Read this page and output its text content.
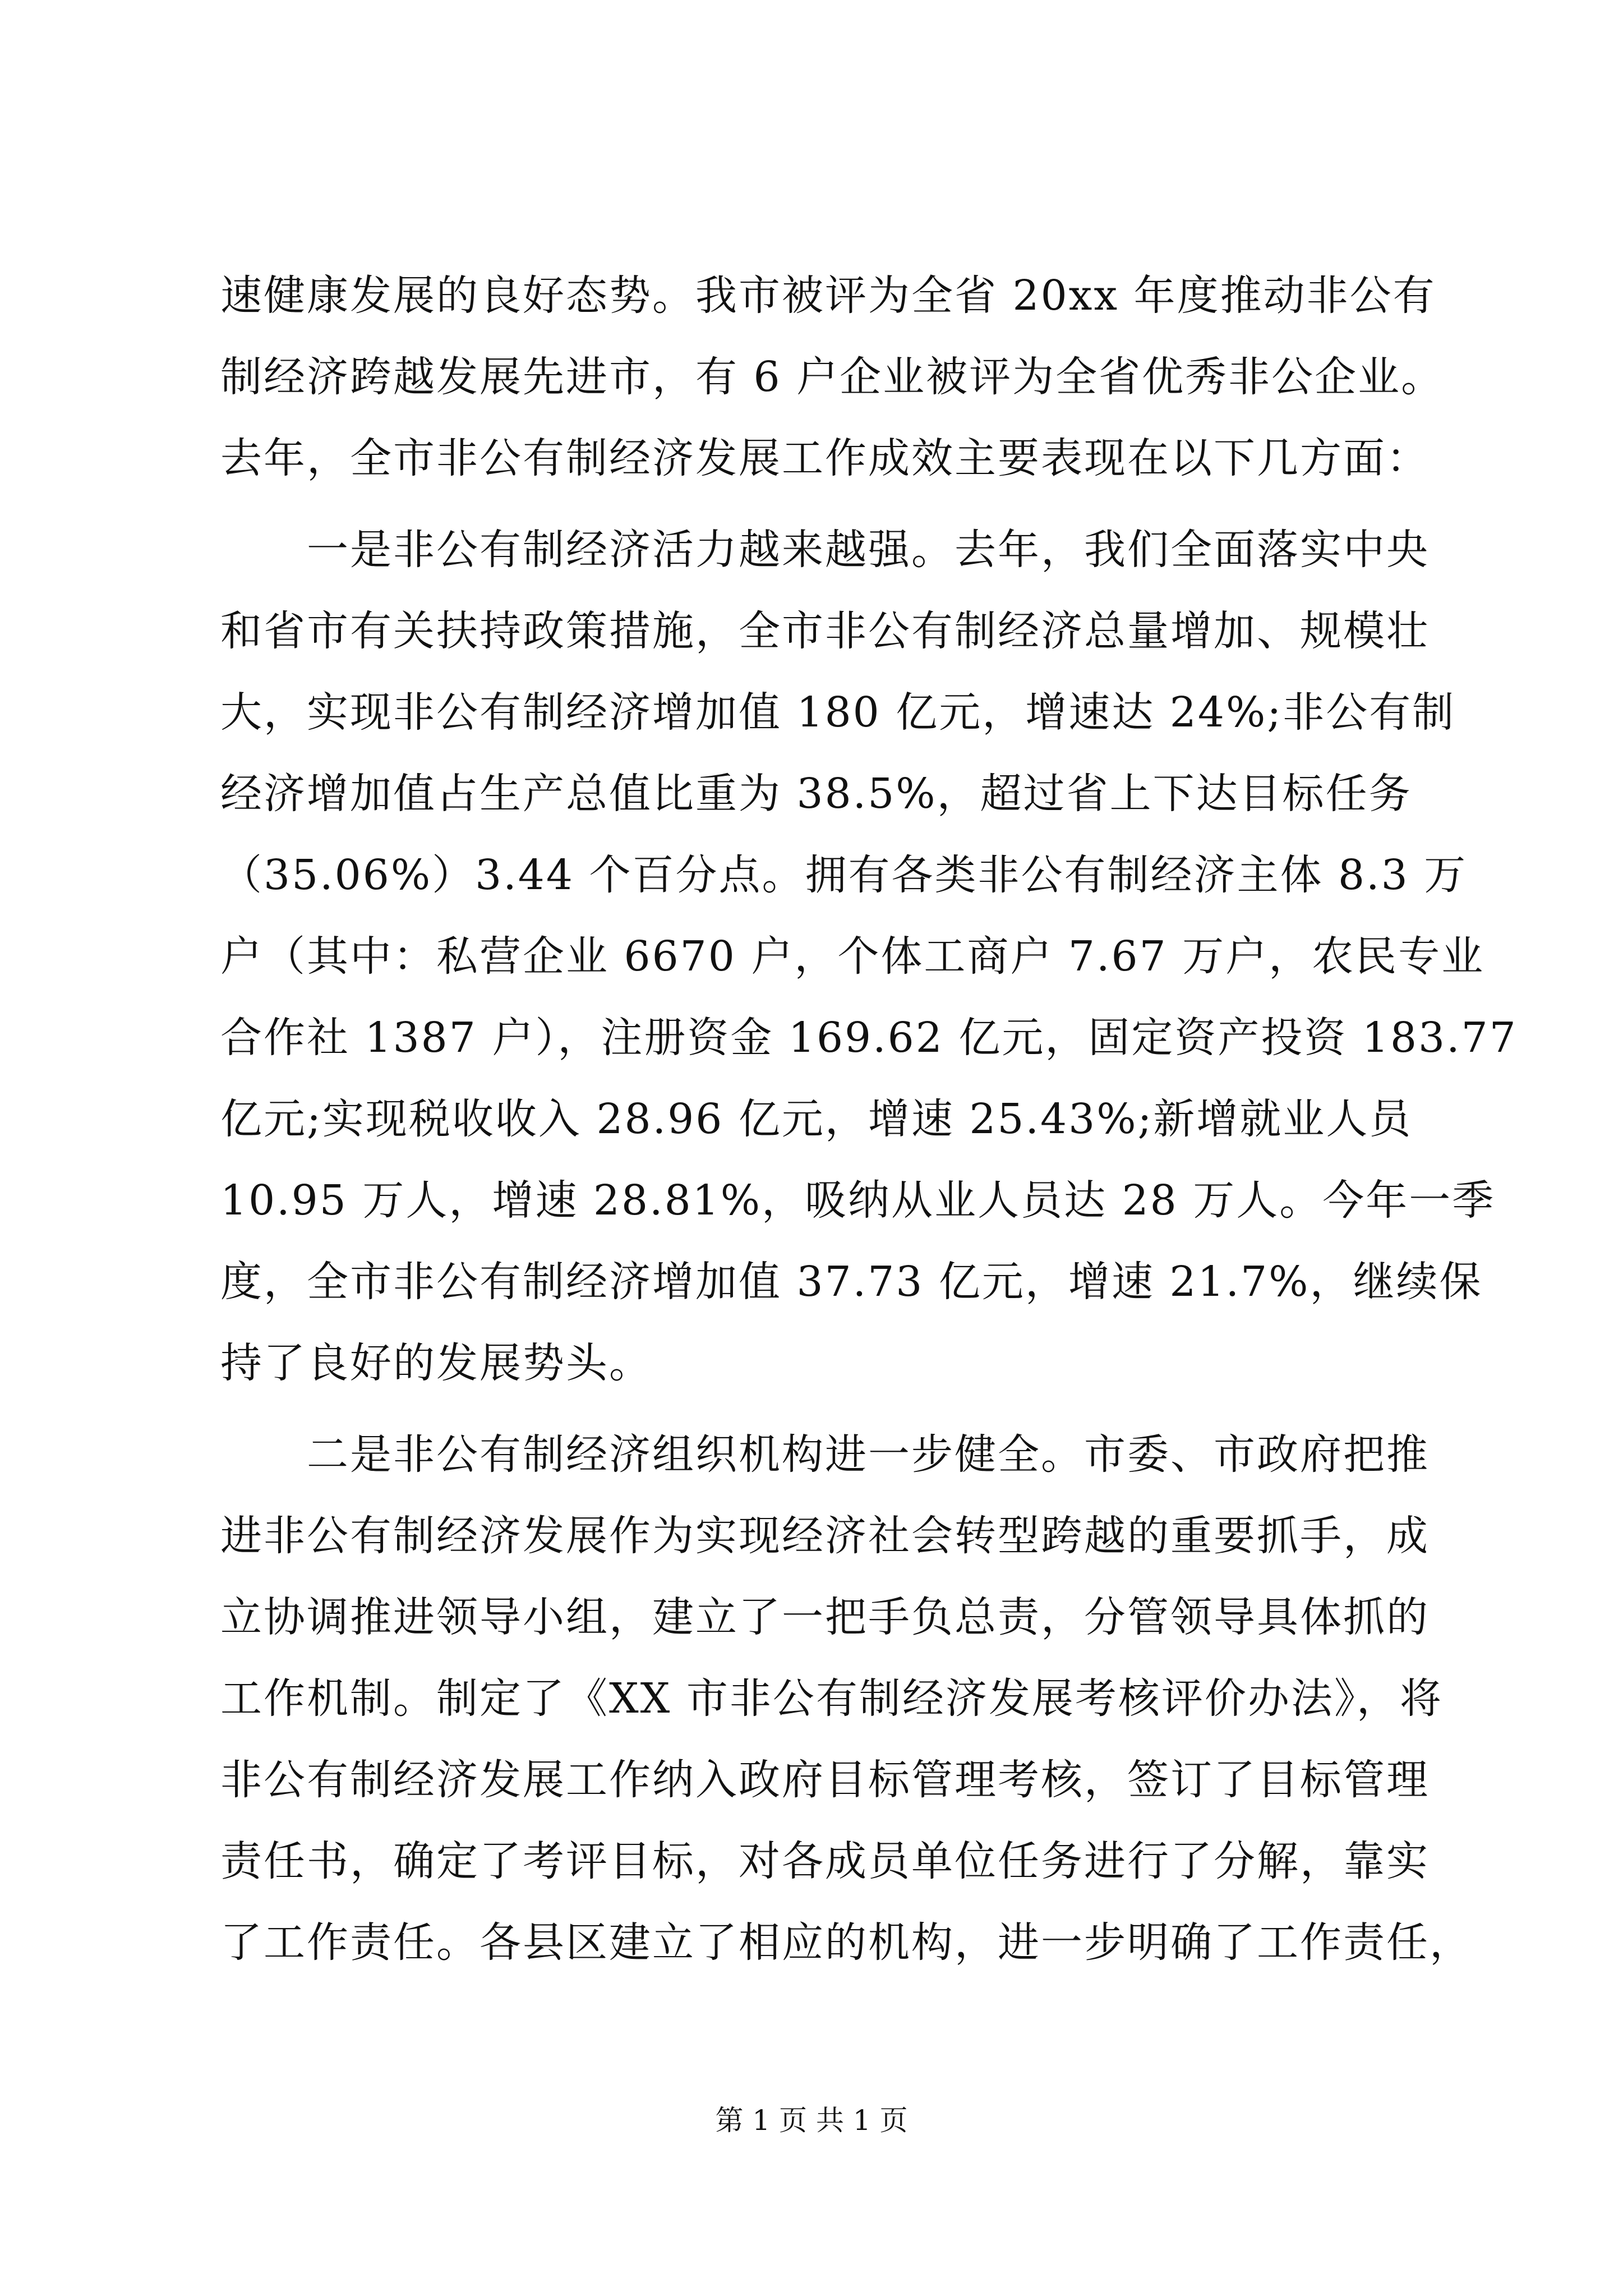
速健康发展的良好态势。我市被评为全省 20xx 年度推动非公有
制经济跨越发展先进市，有 6 户企业被评为全省优秀非公企业。
去年，全市非公有制经济发展工作成效主要表现在以下几方面：
　　一是非公有制经济活力越来越强。去年，我们全面落实中央
和省市有关扶持政策措施，全市非公有制经济总量增加、规模壮
大，实现非公有制经济增加值 180 亿元，增速达 24%;非公有制
经济增加值占生产总值比重为 38.5%，超过省上下达目标任务
（35.06%）3.44 个百分点。拥有各类非公有制经济主体 8.3 万
户（其中：私营企业 6670 户，个体工商户 7.67 万户，农民专业
合作社 1387 户），注册资金 169.62 亿元，固定资产投资 183.77
亿元;实现税收收入 28.96 亿元，增速 25.43%;新增就业人员
10.95 万人，增速 28.81%，吸纳从业人员达 28 万人。今年一季
度，全市非公有制经济增加值 37.73 亿元，增速 21.7%，继续保
持了良好的发展势头。
　　二是非公有制经济组织机构进一步健全。市委、市政府把推
进非公有制经济发展作为实现经济社会转型跨越的重要抓手，成
立协调推进领导小组，建立了一把手负总责，分管领导具体抓的
工作机制。制定了《XX 市非公有制经济发展考核评价办法》，将
非公有制经济发展工作纳入政府目标管理考核，签订了目标管理
责任书，确定了考评目标，对各成员单位任务进行了分解，靠实
了工作责任。各县区建立了相应的机构，进一步明确了工作责任，
第 1 页 共 1 页
